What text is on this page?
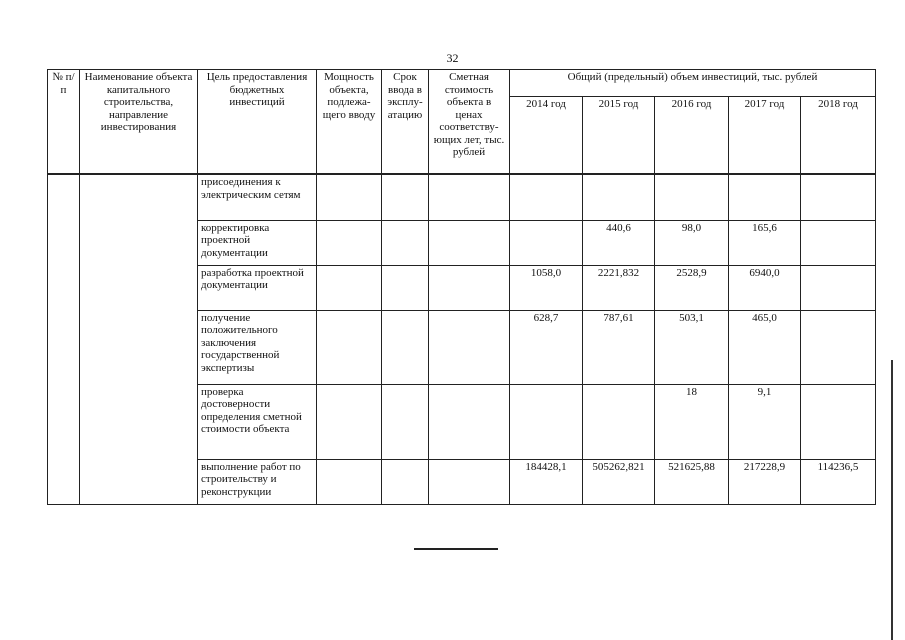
32
№ п/п	Наименование объекта капитального строительства, направление инвестирования	Цель предоставления бюджетных инвестиций	Мощность объекта, подлежа-щего вводу	Срок ввода в эксплу-атацию	Сметная стоимость объекта в ценах соответству-ющих лет, тыс. рублей	Общий (предельный) объем инвестиций, тыс. рублей				
						2014 год	2015 год	2016 год	2017 год	2018 год
		присоединения к электрическим сетям								
		корректировка проектной документации					440,6	98,0	165,6	
		разработка проектной документации				1058,0	2221,832	2528,9	6940,0	
		получение положительного заключения государственной экспертизы				628,7	787,61	503,1	465,0	
		проверка достоверности определения сметной стоимости объекта						18	9,1	
		выполнение работ по строительству и реконструкции				184428,1	505262,821	521625,88	217228,9	114236,5
